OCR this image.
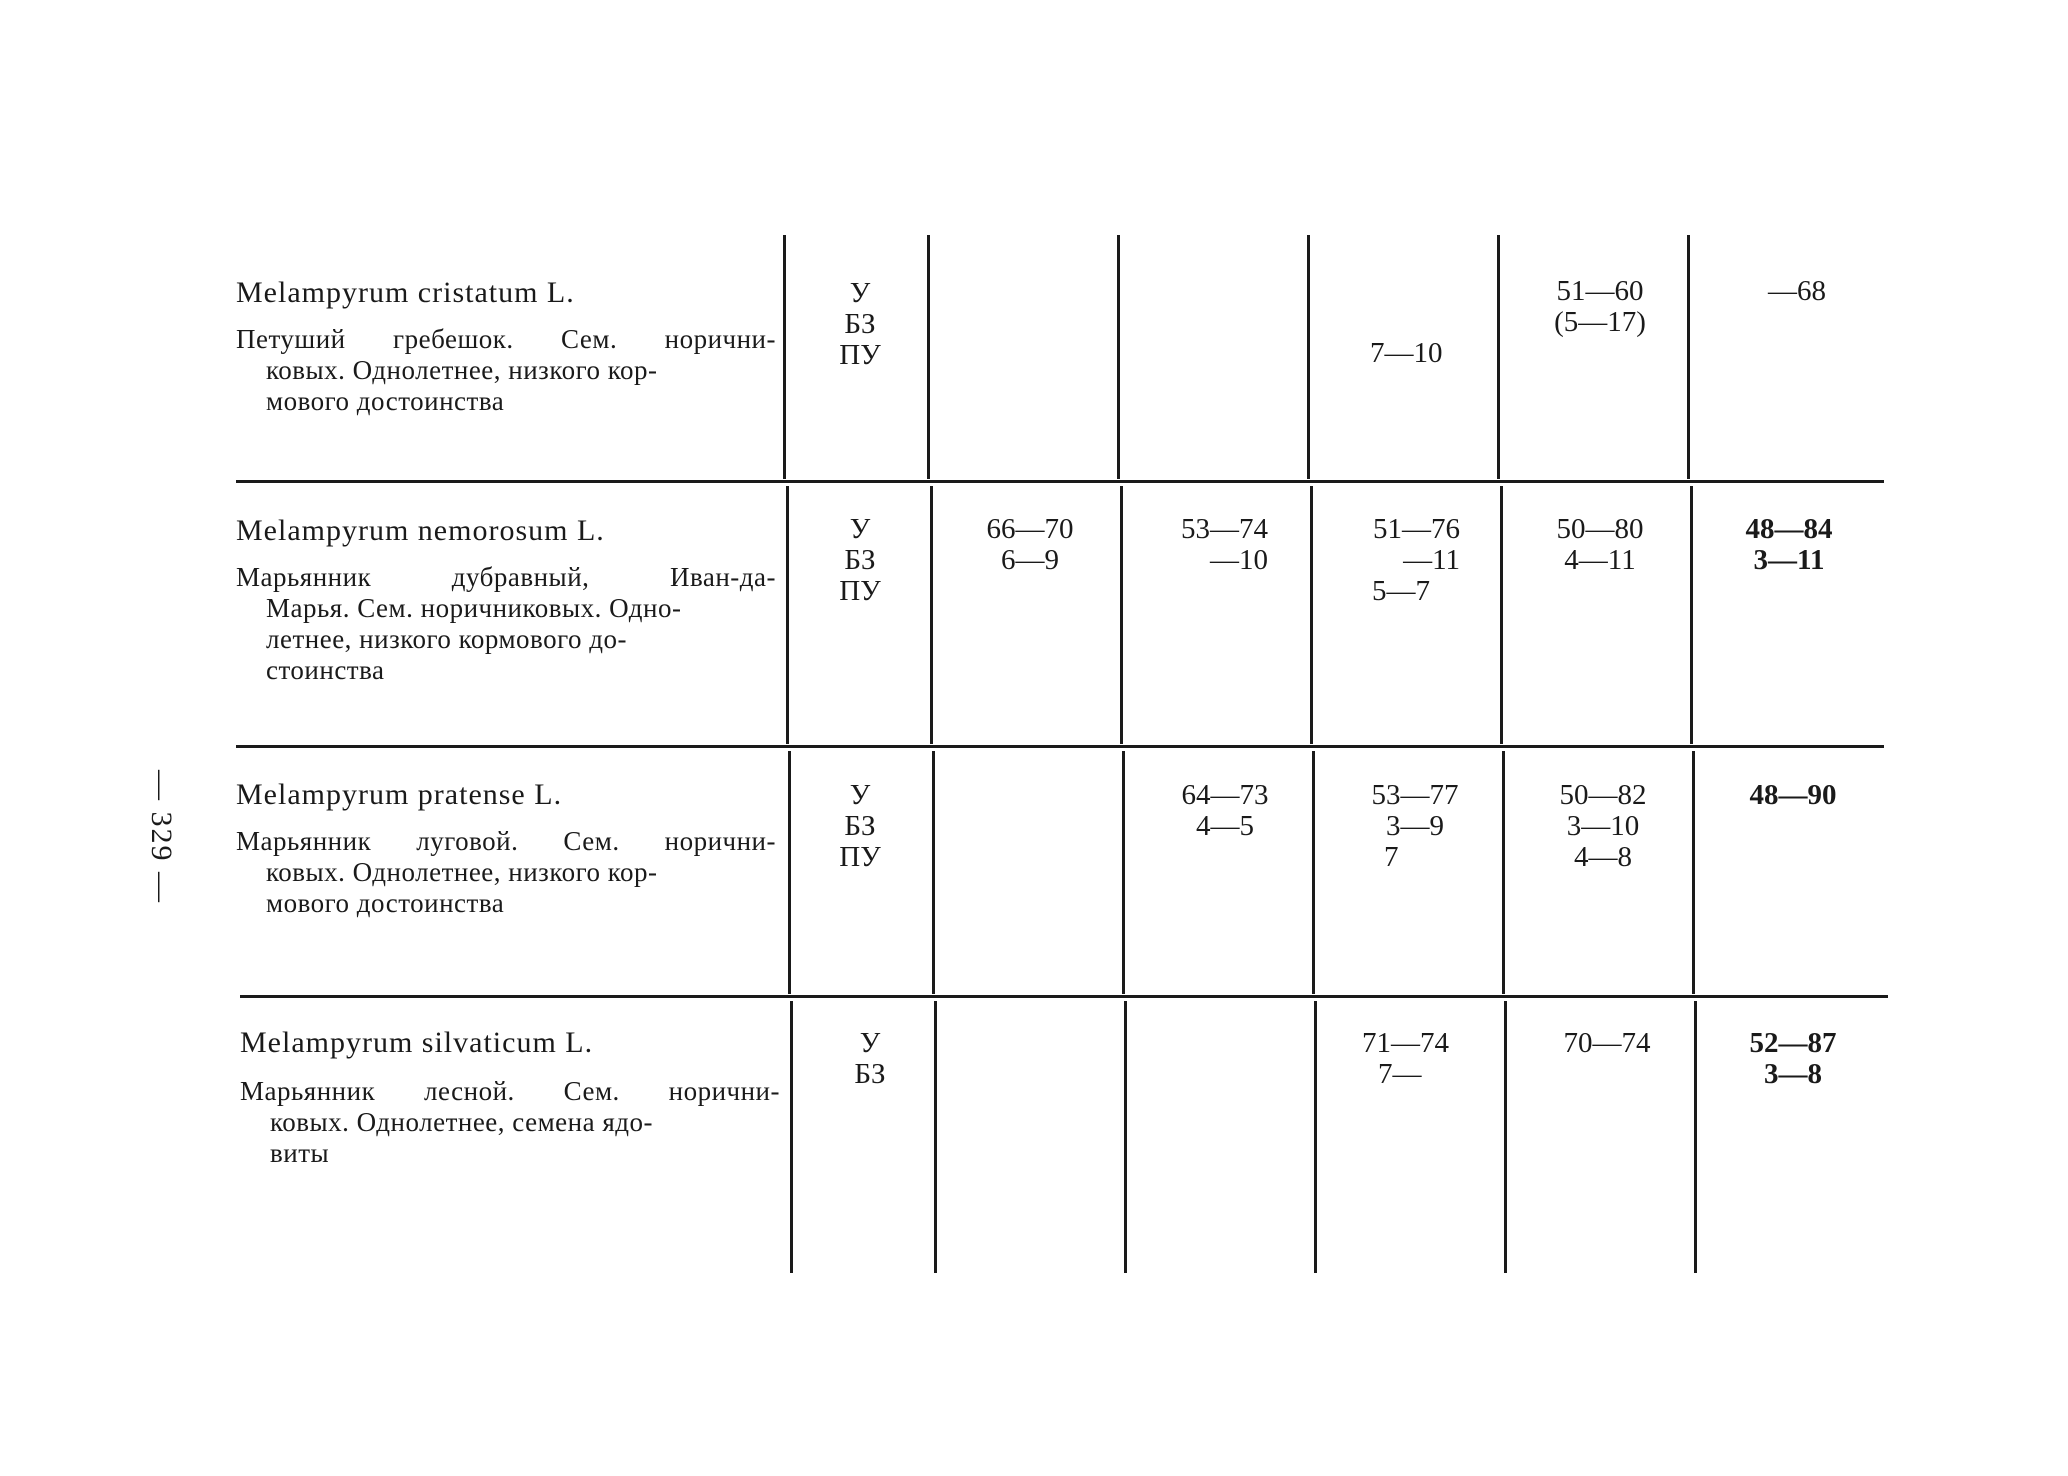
— 329 —
Melampyrum cristatum L.
Петуший гребешок. Сем. норични-
ковых. Однолетнее, низкого кор-
мового достоинства
У
БЗ
ПУ	7—10
51—60
(5—17)
—68
Melampyrum nemorosum L.
Марьянник дубравный, Иван-да-
Марья. Сем. норичниковых. Одно-
летнее, низкого кормового до-
стоинства
У
БЗ
ПУ
66—70
6—9
53—74
—10
51—76
—11
5—7
50—80
4—11
48—84
3—11
Melampyrum pratense L.
Марьянник луговой. Сем. норични-
ковых. Однолетнее, низкого кор-
мового достоинства
У
БЗ
ПУ
64—73
4—5
53—77
3—9
7
50—82
3—10
4—8
48—90
Melampyrum silvaticum L.
Марьянник лесной. Сем. норични-
ковых. Однолетнее, семена ядо-
виты
У
БЗ
71—74
7—
70—74	52—87
3—8
